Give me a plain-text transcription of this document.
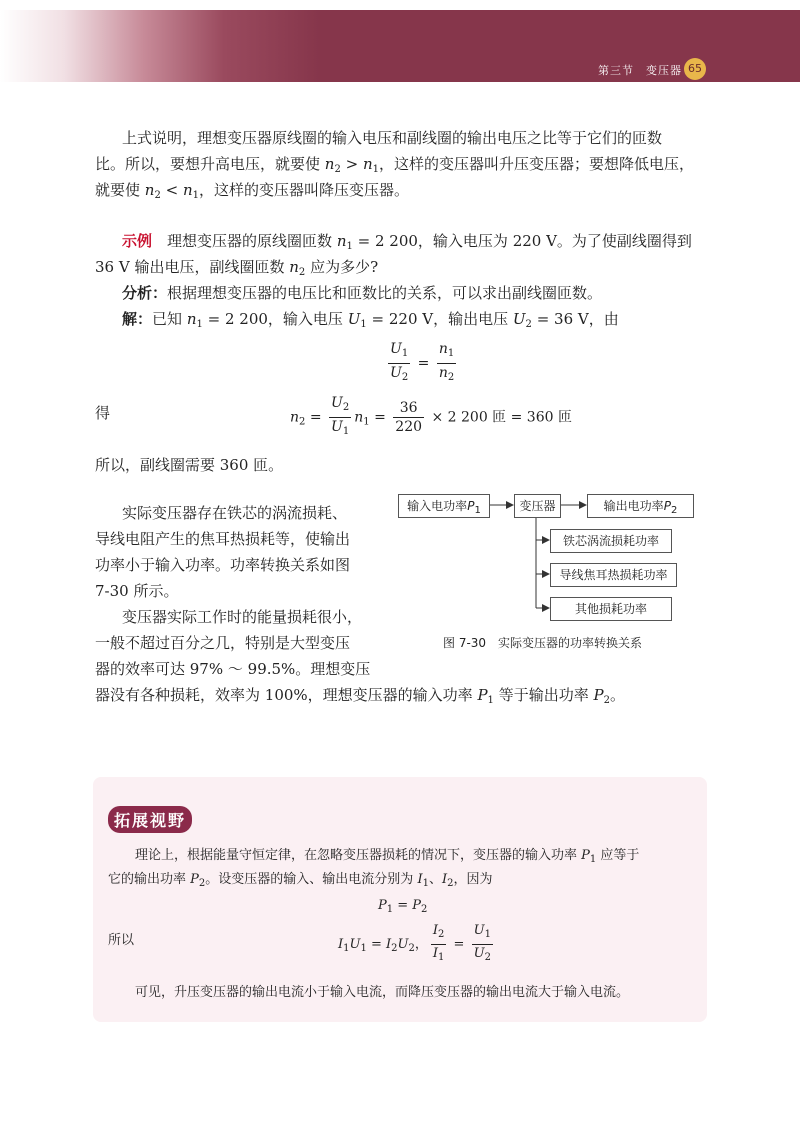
第三节　变压器 65

上式说明，理想变压器原线圈的输入电压和副线圈的输出电压之比等于它们的匝数

比。所以，要想升高电压，就要使 $n_2 > n_1$，这样的变压器叫升压变压器；要想降低电压，

就要使 $n_2 < n_1$，这样的变压器叫降压变压器。

示例　 理想变压器的原线圈匝数 $n_1 = 2$ 200，输入电压为 220 V。为了使副线圈得到

36 V 输出电压，副线圈匝数 $n_2$ 应为多少?

分析：根据理想变压器的电压比和匝数比的关系，可以求出副线圈匝数。

解：已知 $n_1 = 2$ 200，输入电压 $U_1 = 220$ V，输出电压 $U_2 = 36$ V，由

$\frac{U_1}{U_2} = \frac{n_1}{n_2}$

得	$n_2 = \frac{U_2}{U_1} n_1 = \frac{36}{220} \times 2$ 200 匝 = 360 匝

所以，副线圈需要 360 匝。

实际变压器存在铁芯的涡流损耗、

导线电阻产生的焦耳热损耗等，使输出

功率小于输入功率。功率转换关系如图

7-30 所示。

变压器实际工作时的能量损耗很小，

一般不超过百分之几，特别是大型变压

器的效率可达 97% ～ 99.5%。理想变压

器没有各种损耗，效率为 100%，理想变压器的输入功率 $P_1$ 等于输出功率 $P_2$。

输入电功率$P_1$	变压器	输出电功率$P_2$
铁芯涡流损耗功率
导线焦耳热损耗功率
其他损耗功率
图 7-30　实际变压器的功率转换关系
拓展视野

理论上，根据能量守恒定律，在忽略变压器损耗的情况下，变压器的输入功率 $P_1$ 应等于

它的输出功率 $P_2$。设变压器的输入、输出电流分别为 $I_1$、$I_2$，因为

$P_1 = P_2$

所以	$I_1U_1 = I_2U_2$， $\frac{I_2}{I_1} = \frac{U_1}{U_2}$

可见，升压变压器的输出电流小于输入电流，而降压变压器的输出电流大于输入电流。
